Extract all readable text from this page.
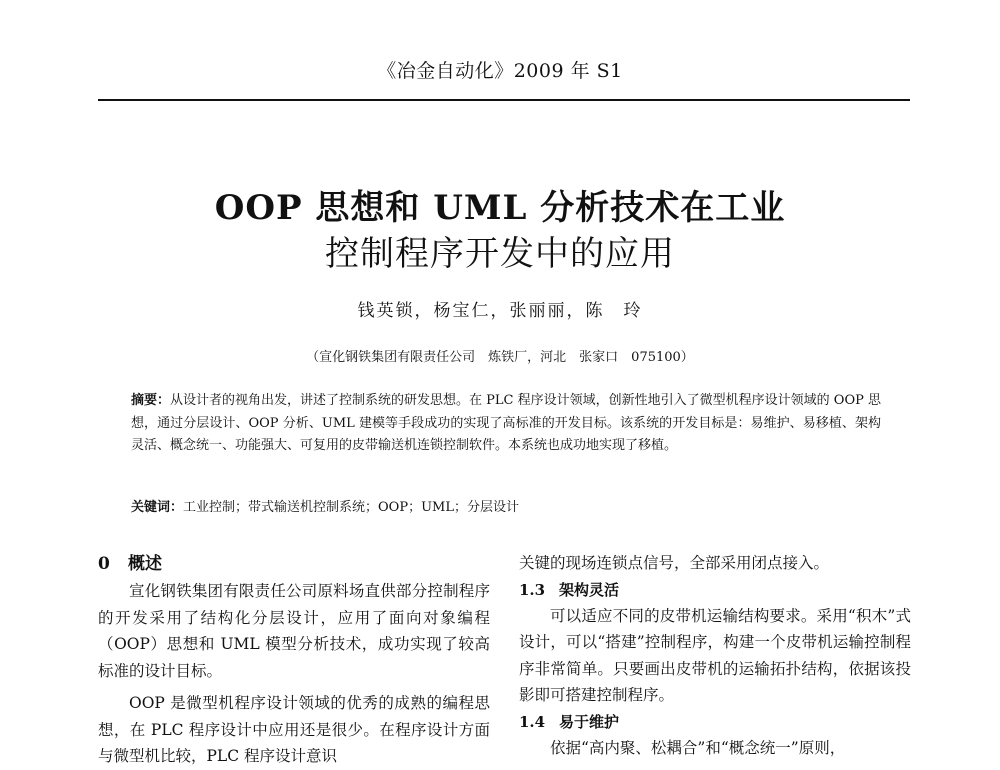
《冶金自动化》2009 年 S1
OOP 思想和 UML 分析技术在工业
控制程序开发中的应用
钱英锁，杨宝仁，张丽丽，陈　玲
（宣化钢铁集团有限责任公司　炼铁厂，河北　张家口　075100）
摘要：从设计者的视角出发，讲述了控制系统的研发思想。在 PLC 程序设计领域，创新性地引入了微型机程序设计领域的 OOP 思想，通过分层设计、OOP 分析、UML 建模等手段成功的实现了高标准的开发目标。该系统的开发目标是：易维护、易移植、架构灵活、概念统一、功能强大、可复用的皮带输送机连锁控制软件。本系统也成功地实现了移植。
关键词：工业控制；带式输送机控制系统；OOP；UML；分层设计
0 概述

宣化钢铁集团有限责任公司原料场直供部分控制程序的开发采用了结构化分层设计，应用了面向对象编程（OOP）思想和 UML 模型分析技术，成功实现了较高标准的设计目标。

OOP 是微型机程序设计领域的优秀的成熟的编程思想，在 PLC 程序设计中应用还是很少。在程序设计方面与微型机比较，PLC 程序设计意识

关键的现场连锁点信号，全部采用闭点接入。

1.3 架构灵活

可以适应不同的皮带机运输结构要求。采用“积木”式设计，可以“搭建”控制程序，构建一个皮带机运输控制程序非常简单。只要画出皮带机的运输拓扑结构，依据该投影即可搭建控制程序。

1.4 易于维护

依据“高内聚、松耦合”和“概念统一”原则，
